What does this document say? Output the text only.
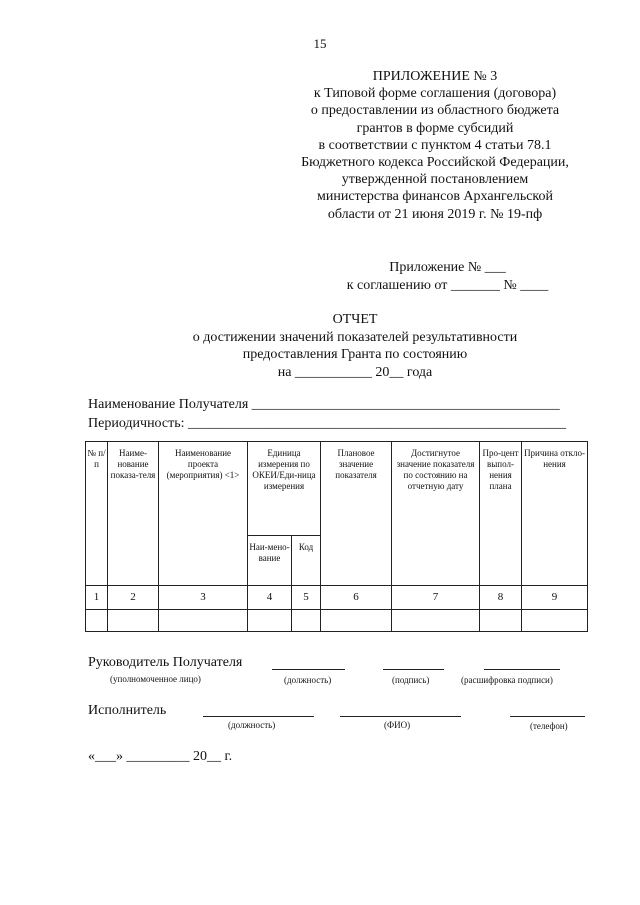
15
ПРИЛОЖЕНИЕ № 3
к Типовой форме соглашения (договора)
о предоставлении из областного бюджета
грантов в форме субсидий
в соответствии с пунктом 4 статьи 78.1
Бюджетного кодекса Российской Федерации,
утвержденной постановлением
министерства финансов Архангельской
области от 21 июня 2019 г. № 19-пф
Приложение № ___
к соглашению от _______ № ____
ОТЧЕТ
о достижении значений показателей результативности
предоставления Гранта по состоянию
на ___________ 20__ года
Наименование Получателя ____________________________________________
Периодичность: ______________________________________________________
№ п/п	Наиме-нование показа-теля	Наименование проекта (мероприятия) <1>	Единица измерения по ОКЕИ/Еди-ница измерения		Плановое значение показателя	Достигнутое значение показателя по состоянию на отчетную дату	Про-цент выпол-нения плана	Причина откло-нения
			Наи-мено-вание	Код				
1	2	3	4	5	6	7	8	9

Руководитель Получателя
(уполномоченное лицо)	(должность)	(подпись)	(расшифровка подписи)
Исполнитель
(должность)	(ФИО)	(телефон)
«___» _________ 20__ г.
